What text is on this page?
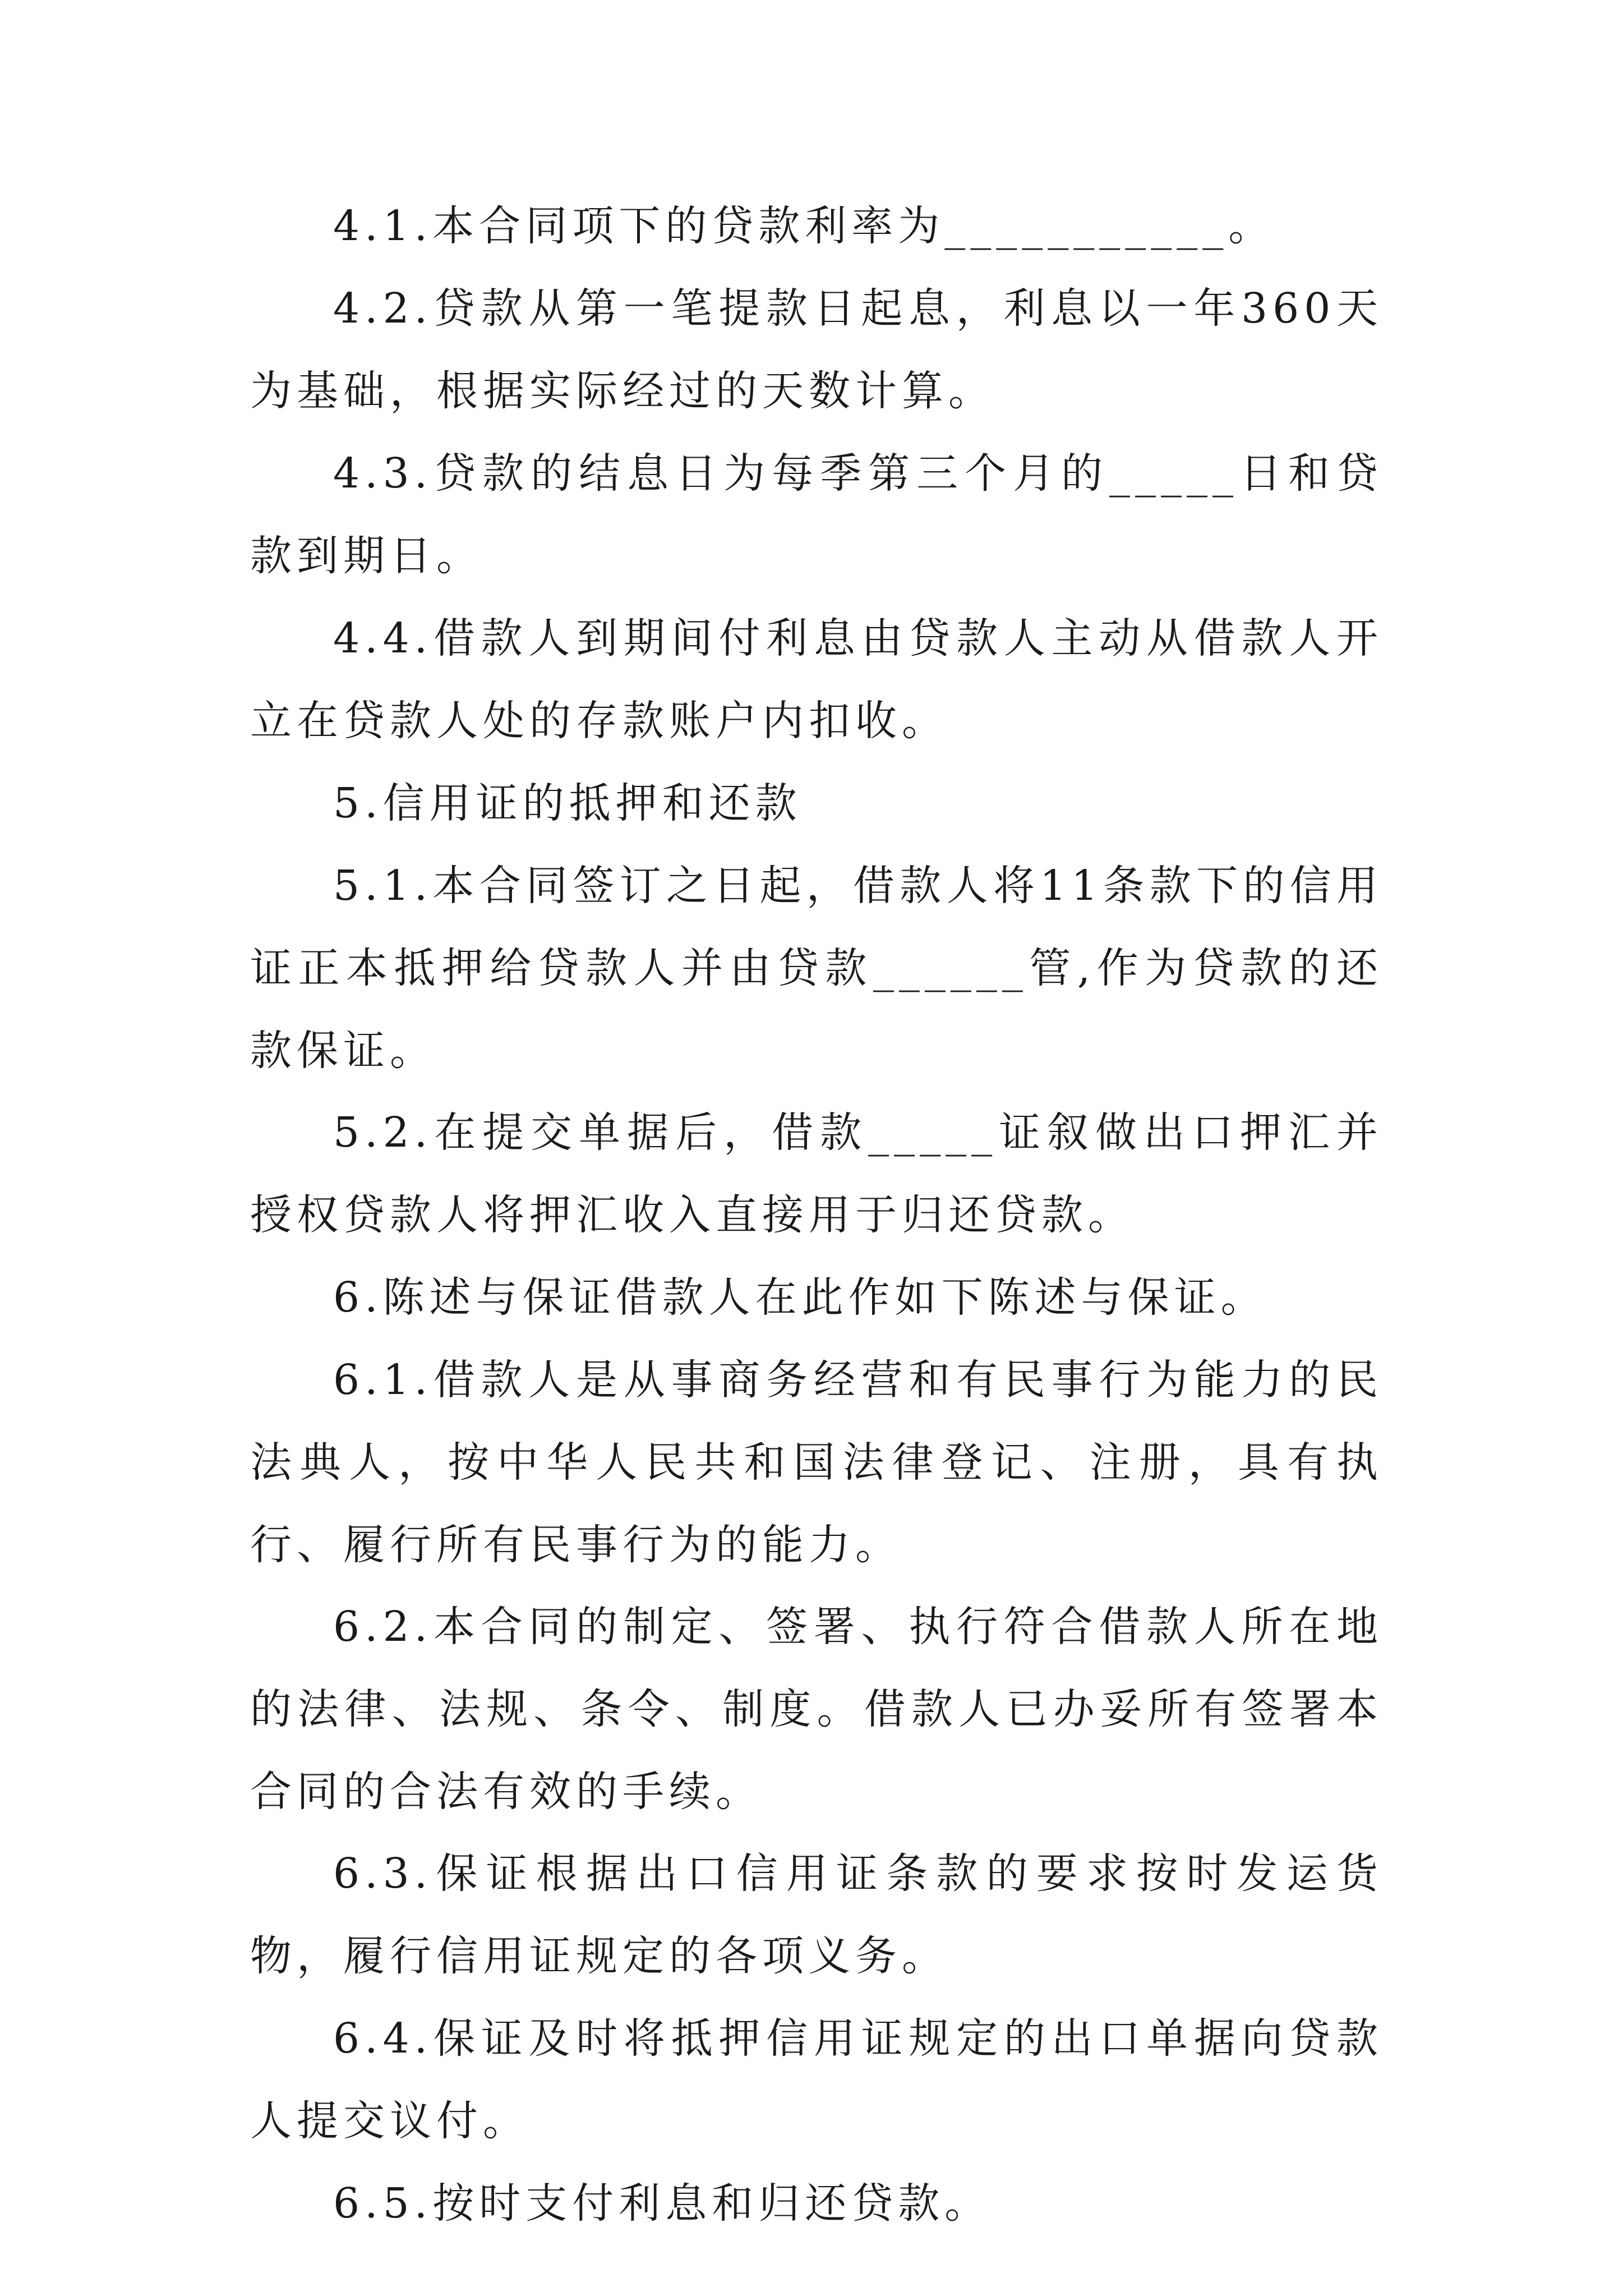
4.1.本合同项下的贷款利率为___________。

4.2.贷款从第一笔提款日起息，利息以一年360天为基础，根据实际经过的天数计算。

4.3.贷款的结息日为每季第三个月的_____日和贷款到期日。

4.4.借款人到期间付利息由贷款人主动从借款人开立在贷款人处的存款账户内扣收。

5.信用证的抵押和还款

5.1.本合同签订之日起，借款人将11条款下的信用证正本抵押给贷款人并由贷款______管,作为贷款的还款保证。

5.2.在提交单据后，借款_____证叙做出口押汇并授权贷款人将押汇收入直接用于归还贷款。

6.陈述与保证借款人在此作如下陈述与保证。

6.1.借款人是从事商务经营和有民事行为能力的民法典人，按中华人民共和国法律登记、注册，具有执行、履行所有民事行为的能力。

6.2.本合同的制定、签署、执行符合借款人所在地的法律、法规、条令、制度。借款人已办妥所有签署本合同的合法有效的手续。

6.3.保证根据出口信用证条款的要求按时发运货物，履行信用证规定的各项义务。

6.4.保证及时将抵押信用证规定的出口单据向贷款人提交议付。

6.5.按时支付利息和归还贷款。
